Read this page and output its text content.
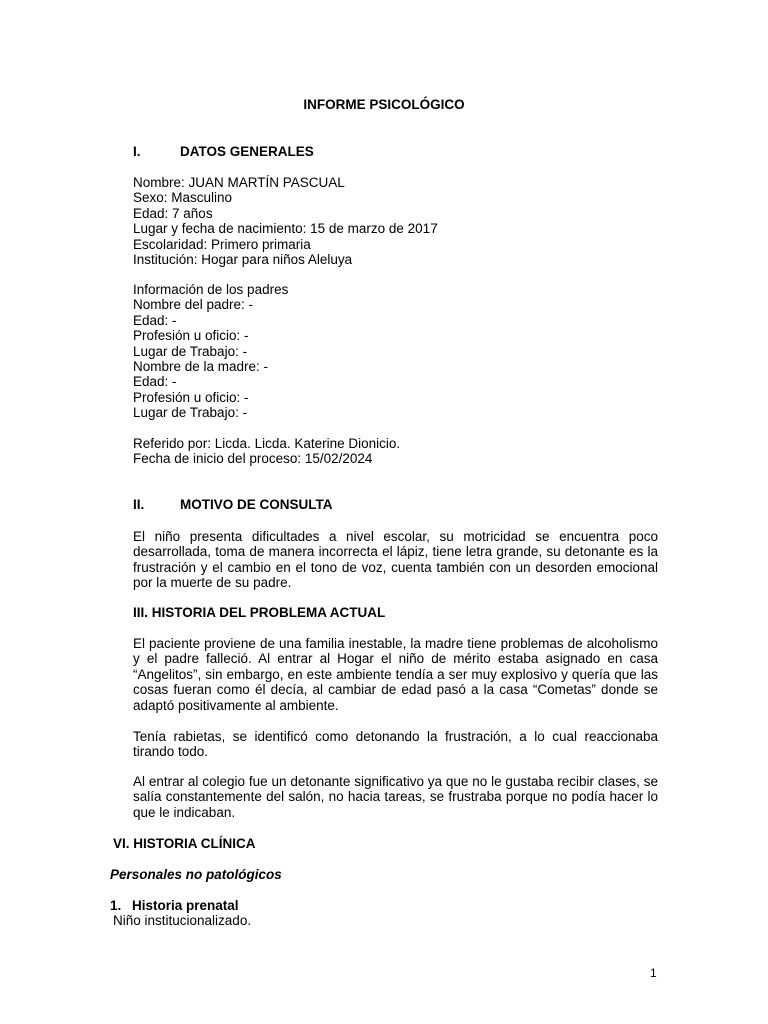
INFORME PSICOLÓGICO
I.	DATOS GENERALES
Nombre: JUAN MARTÍN PASCUAL
Sexo: Masculino
Edad: 7 años
Lugar y fecha de nacimiento: 15 de marzo de 2017
Escolaridad: Primero primaria
Institución: Hogar para niños Aleluya
Información de los padres
Nombre del padre: -
Edad: -
Profesión u oficio: -
Lugar de Trabajo: -
Nombre de la madre: -
Edad: -
Profesión u oficio: -
Lugar de Trabajo: -
Referido por: Licda. Licda. Katerine Dionicio.
Fecha de inicio del proceso: 15/02/2024
II.	MOTIVO DE CONSULTA
El niño presenta dificultades a nivel escolar, su motricidad se encuentra poco desarrollada, toma de manera incorrecta el lápiz, tiene letra grande, su detonante es la frustración y el cambio en el tono de voz, cuenta también con un desorden emocional por la muerte de su padre.
III. HISTORIA DEL PROBLEMA ACTUAL
El paciente proviene de una familia inestable, la madre tiene problemas de alcoholismo y el padre falleció. Al entrar al Hogar el niño de mérito estaba asignado en casa “Angelitos”, sin embargo, en este ambiente tendía a ser muy explosivo y quería que las cosas fueran como él decía, al cambiar de edad pasó a la casa “Cometas” donde se adaptó positivamente al ambiente.
Tenía rabietas, se identificó como detonando la frustración, a lo cual reaccionaba tirando todo.
Al entrar al colegio fue un detonante significativo ya que no le gustaba recibir clases, se salía constantemente del salón, no hacia tareas, se frustraba porque no podía hacer lo que le indicaban.
VI. HISTORIA CLÍNICA
Personales no patológicos
1. Historia prenatal
Niño institucionalizado.
1
